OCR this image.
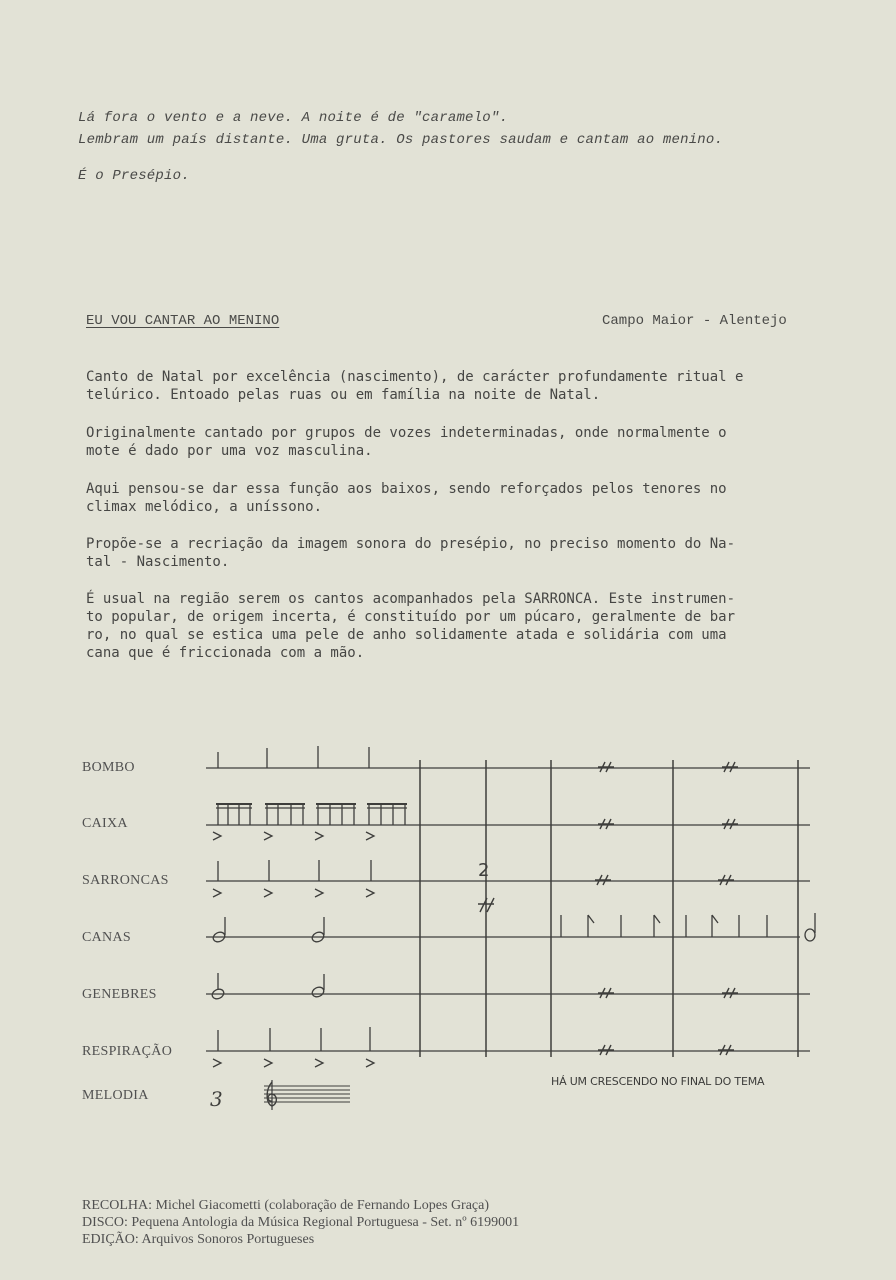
Lá fora o vento e a neve. A noite é de "caramelo".
Lembram um país distante. Uma gruta. Os pastores saudam e cantam ao menino.
É o Presépio.
EU VOU CANTAR AO MENINO	Campo Maior - Alentejo
Canto de Natal por excelência (nascimento), de carácter profundamente ritual e
telúrico. Entoado pelas ruas ou em família na noite de Natal.
Originalmente cantado por grupos de vozes indeterminadas, onde normalmente o
mote é dado por uma voz masculina.
Aqui pensou-se dar essa função aos baixos, sendo reforçados pelos tenores no
climax melódico, a uníssono.
Propõe-se a recriação da imagem sonora do presépio, no preciso momento do Na-
tal - Nascimento.
É usual na região serem os cantos acompanhados pela SARRONCA. Este instrumen-
to popular, de origem incerta, é constituído por um púcaro, geralmente de bar
ro, no qual se estica uma pele de anho solidamente atada e solidária com uma
cana que é friccionada com a mão.
BOMBO
CAIXA
SARRONCAS
CANAS
GENEBRES
RESPIRAÇÃO
MELODIA
2
3
HÁ UM CRESCENDO NO FINAL DO TEMA
RECOLHA: Michel Giacometti (colaboração de Fernando Lopes Graça)
DISCO: Pequena Antologia da Música Regional Portuguesa - Set. nº 6199001
EDIÇÃO: Arquivos Sonoros Portugueses
